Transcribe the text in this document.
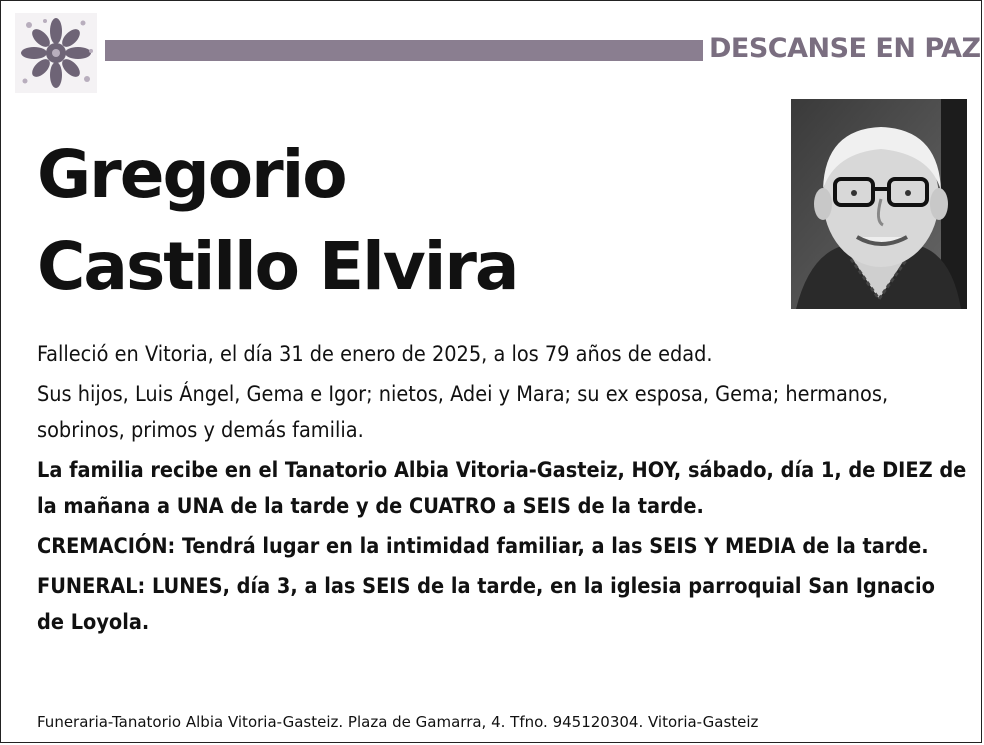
DESCANSE EN PAZ
Gregorio
Castillo Elvira

Falleció en Vitoria, el día 31 de enero de 2025, a los 79 años de edad.

Sus hijos, Luis Ángel, Gema e Igor; nietos, Adei y Mara; su ex esposa, Gema; hermanos, sobrinos, primos y demás familia.

La familia recibe en el Tanatorio Albia Vitoria-Gasteiz, HOY, sábado, día 1, de DIEZ de la mañana a UNA de la tarde y de CUATRO a SEIS de la tarde.

CREMACIÓN: Tendrá lugar en la intimidad familiar, a las SEIS Y MEDIA de la tarde.

FUNERAL: LUNES, día 3, a las SEIS de la tarde, en la iglesia parroquial San Ignacio de Loyola.

Funeraria-Tanatorio Albia Vitoria-Gasteiz. Plaza de Gamarra, 4. Tfno. 945120304. Vitoria-Gasteiz
